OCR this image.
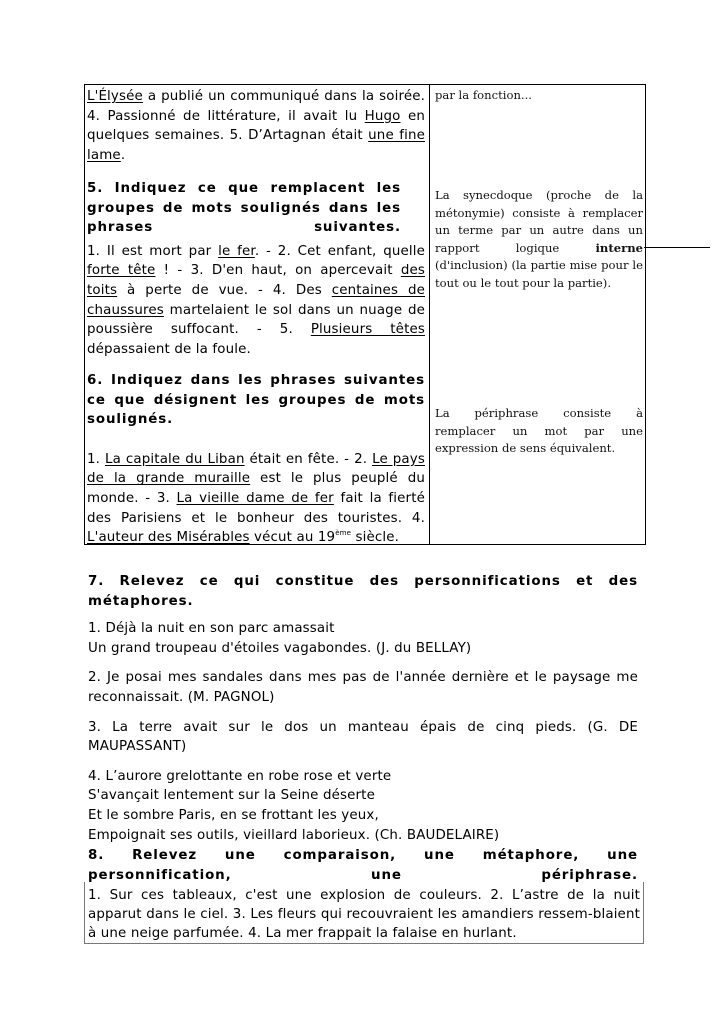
L'Élysée a publié un communiqué dans la soirée. 4. Passionné de littérature, il avait lu Hugo en quelques semaines. 5. D’Artagnan était une fine lame.
5. Indiquez ce que remplacent les groupes de mots soulignés dans les phrases suivantes.
1. Il est mort par le fer. - 2. Cet enfant, quelle forte tête ! - 3. D'en haut, on apercevait des toits à perte de vue. - 4. Des centaines de chaussures martelaient le sol dans un nuage de poussière suffocant. - 5. Plusieurs têtes dépassaient de la foule.
6. Indiquez dans les phrases suivantes ce que désignent les groupes de mots soulignés.
1. La capitale du Liban était en fête. - 2. Le pays de la grande muraille est le plus peuplé du monde. - 3. La vieille dame de fer fait la fierté des Parisiens et le bonheur des touristes. 4. L'auteur des Misérables vécut au 19ème siècle.
par la fonction...
La synecdoque (proche de la métonymie) consiste à remplacer un terme par un autre dans un rapport logique interne (d'inclusion) (la partie mise pour le tout ou le tout pour la partie).
La périphrase consiste à remplacer un mot par une expression de sens équivalent.
7. Relevez ce qui constitue des personnifications et des métaphores.
1. Déjà la nuit en son parc amassait
Un grand troupeau d'étoiles vagabondes. (J. du BELLAY)
2. Je posai mes sandales dans mes pas de l'année dernière et le paysage me reconnaissait. (M. PAGNOL)
3. La terre avait sur le dos un manteau épais de cinq pieds. (G. DE MAUPASSANT)
4. L’aurore grelottante en robe rose et verte
S'avançait lentement sur la Seine déserte
Et le sombre Paris, en se frottant les yeux,
Empoignait ses outils, vieillard laborieux. (Ch. BAUDELAIRE)
8. Relevez une comparaison, une métaphore, une personnification, une périphrase.
1. Sur ces tableaux, c'est une explosion de couleurs. 2. L’astre de la nuit apparut dans le ciel. 3. Les fleurs qui recouvraient les amandiers ressem-blaient à une neige parfumée. 4. La mer frappait la falaise en hurlant.
